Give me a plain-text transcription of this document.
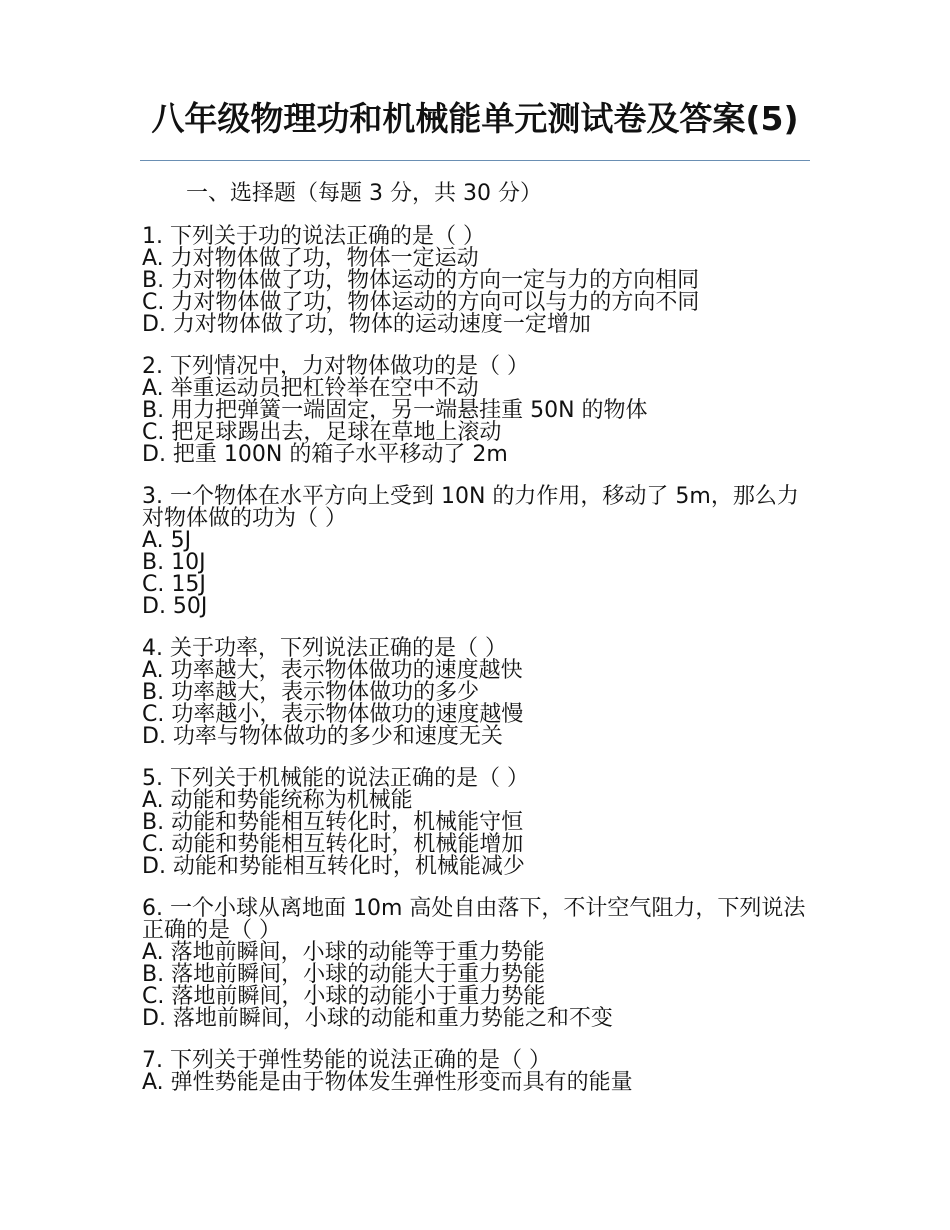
八年级物理功和机械能单元测试卷及答案(5)
一、选择题（每题 3 分，共 30 分）
1. 下列关于功的说法正确的是（ ）
A. 力对物体做了功，物体一定运动
B. 力对物体做了功，物体运动的方向一定与力的方向相同
C. 力对物体做了功，物体运动的方向可以与力的方向不同
D. 力对物体做了功，物体的运动速度一定增加
2. 下列情况中，力对物体做功的是（ ）
A. 举重运动员把杠铃举在空中不动
B. 用力把弹簧一端固定，另一端悬挂重 50N 的物体
C. 把足球踢出去，足球在草地上滚动
D. 把重 100N 的箱子水平移动了 2m
3. 一个物体在水平方向上受到 10N 的力作用，移动了 5m，那么力对物体做的功为（ ）
A. 5J
B. 10J
C. 15J
D. 50J
4. 关于功率，下列说法正确的是（ ）
A. 功率越大，表示物体做功的速度越快
B. 功率越大，表示物体做功的多少
C. 功率越小，表示物体做功的速度越慢
D. 功率与物体做功的多少和速度无关
5. 下列关于机械能的说法正确的是（ ）
A. 动能和势能统称为机械能
B. 动能和势能相互转化时，机械能守恒
C. 动能和势能相互转化时，机械能增加
D. 动能和势能相互转化时，机械能减少
6. 一个小球从离地面 10m 高处自由落下，不计空气阻力，下列说法正确的是（ ）
A. 落地前瞬间，小球的动能等于重力势能
B. 落地前瞬间，小球的动能大于重力势能
C. 落地前瞬间，小球的动能小于重力势能
D. 落地前瞬间，小球的动能和重力势能之和不变
7. 下列关于弹性势能的说法正确的是（ ）
A. 弹性势能是由于物体发生弹性形变而具有的能量
